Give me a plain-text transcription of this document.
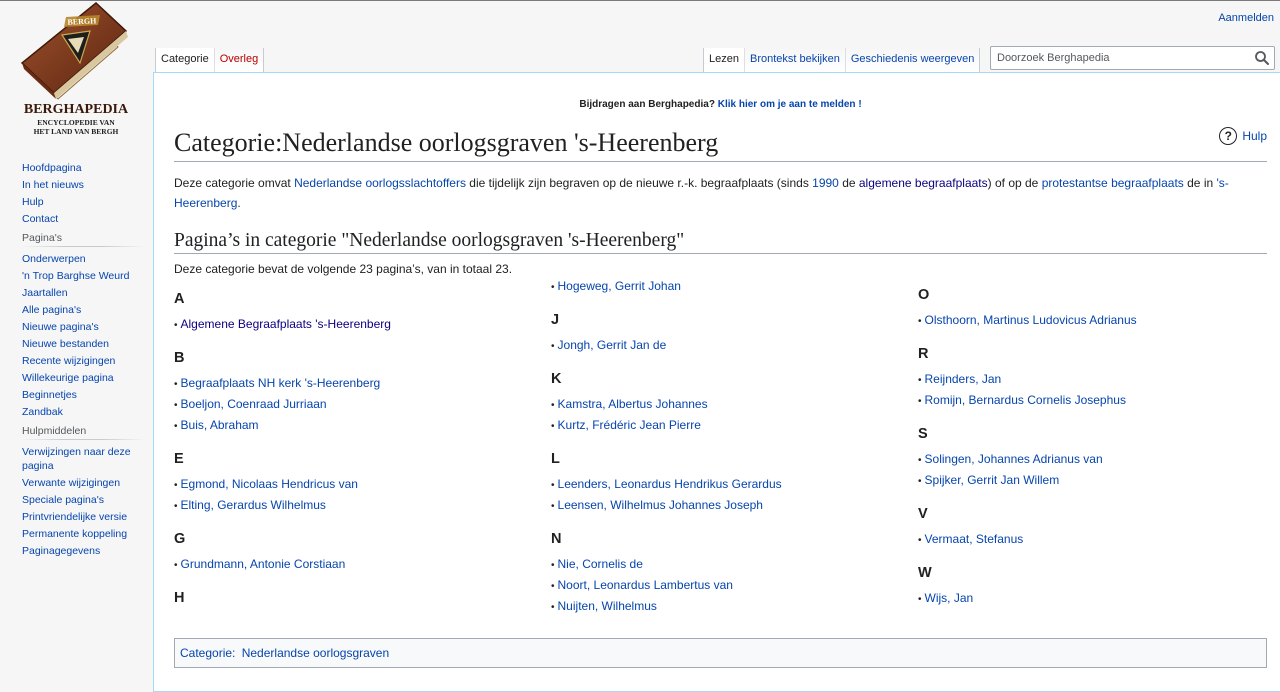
Aanmelden
BERGH
BERGHAPEDIA
ENCYCLOPEDIE VAN
HET LAND VAN BERGH
Hoofdpagina
In het nieuws
Hulp
Contact
Pagina's
Onderwerpen
'n Trop Barghse Weurd
Jaartallen
Alle pagina's
Nieuwe pagina's
Nieuwe bestanden
Recente wijzigingen
Willekeurige pagina
Beginnetjes
Zandbak
Hulpmiddelen
Verwijzingen naar deze pagina
Verwante wijzigingen
Speciale pagina's
Printvriendelijke versie
Permanente koppeling
Paginagegevens
Categorie	Overleg	Lezen	Brontekst bekijken	Geschiedenis weergeven
Doorzoek Berghapedia
Bijdragen aan Berghapedia? Klik hier om je aan te melden !
? Hulp
Categorie:Nederlandse oorlogsgraven 's-Heerenberg
Deze categorie omvat Nederlandse oorlogsslachtoffers die tijdelijk zijn begraven op de nieuwe r.-k. begraafplaats (sinds 1990 de algemene begraafplaats) of op de protestantse begraafplaats de in 's-Heerenberg.
Pagina’s in categorie "Nederlandse oorlogsgraven 's-Heerenberg"
Deze categorie bevat de volgende 23 pagina’s, van in totaal 23.
A
• Algemene Begraafplaats 's-Heerenberg
B
• Begraafplaats NH kerk 's-Heerenberg
• Boeljon, Coenraad Jurriaan
• Buis, Abraham
E
• Egmond, Nicolaas Hendricus van
• Elting, Gerardus Wilhelmus
G
• Grundmann, Antonie Corstiaan
H
• Hogeweg, Gerrit Johan
J
• Jongh, Gerrit Jan de
K
• Kamstra, Albertus Johannes
• Kurtz, Frédéric Jean Pierre
L
• Leenders, Leonardus Hendrikus Gerardus
• Leensen, Wilhelmus Johannes Joseph
N
• Nie, Cornelis de
• Noort, Leonardus Lambertus van
• Nuijten, Wilhelmus
O
• Olsthoorn, Martinus Ludovicus Adrianus
R
• Reijnders, Jan
• Romijn, Bernardus Cornelis Josephus
S
• Solingen, Johannes Adrianus van
• Spijker, Gerrit Jan Willem
V
• Vermaat, Stefanus
W
• Wijs, Jan
Categorie: Nederlandse oorlogsgraven
